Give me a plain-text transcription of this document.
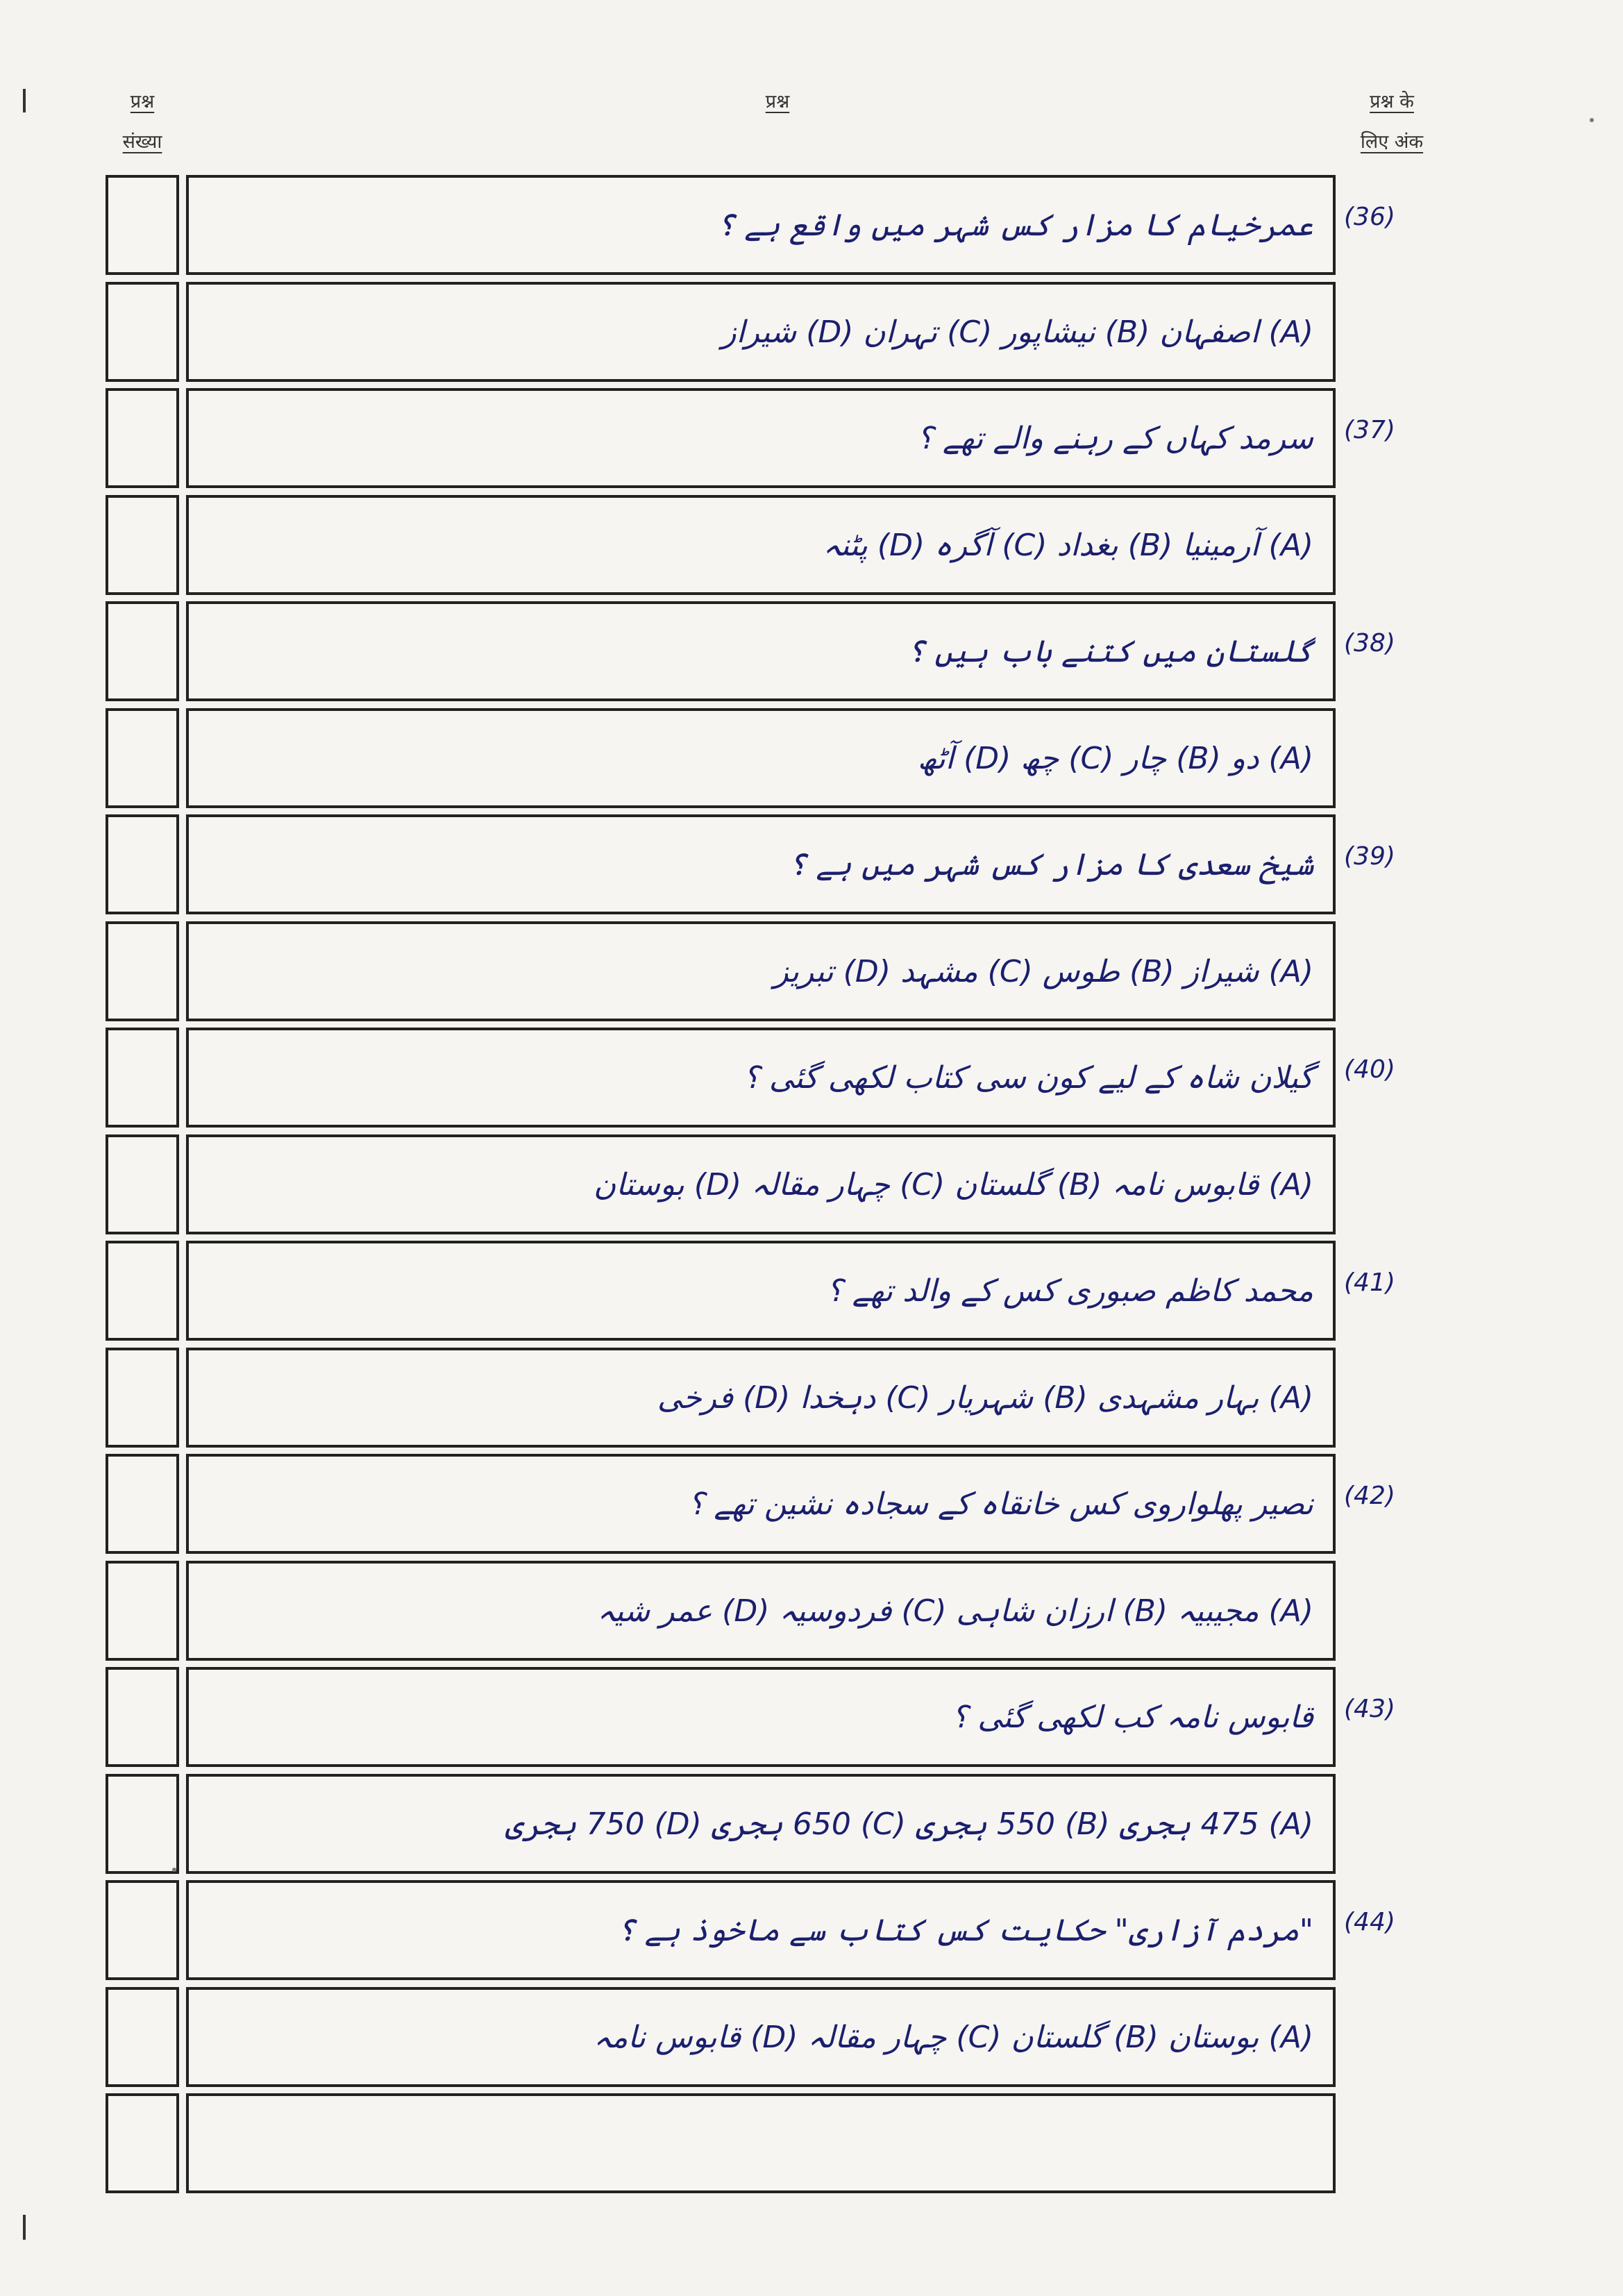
प्रश्न
संख्या
प्रश्न	प्रश्न के
लिए अंक
عمرخیام کا مزار کس شہر میں واقع ہے ؟ (36)
(A) اصفہان (B) نیشاپور (C) تہران (D) شیراز
سرمد کہاں کے رہنے والے تھے ؟ (37)
(A) آرمینیا (B) بغداد (C) آگرہ (D) پٹنہ
گلستان میں کتنے باب ہیں ؟ (38)
(A) دو (B) چار (C) چھ (D) آٹھ
شیخ سعدی کا مزار کس شہر میں ہے ؟ (39)
(A) شیراز (B) طوس (C) مشہد (D) تبریز
گیلان شاہ کے لیے کون سی کتاب لکھی گئی ؟ (40)
(A) قابوس نامہ (B) گلستان (C) چہار مقالہ (D) بوستان
محمد کاظم صبوری کس کے والد تھے ؟ (41)
(A) بہار مشہدی (B) شہریار (C) دہخدا (D) فرخی
نصیر پھلواروی کس خانقاہ کے سجادہ نشین تھے ؟ (42)
(A) مجیبیہ (B) ارزان شاہی (C) فردوسیہ (D) عمر شیہ
قابوس نامہ کب لکھی گئی ؟ (43)
(A) 475 ہجری (B) 550 ہجری (C) 650 ہجری (D) 750 ہجری
"مردم آزاری" حکایت کس کتاب سے ماخوذ ہے ؟ (44)
(A) بوستان (B) گلستان (C) چہار مقالہ (D) قابوس نامہ
